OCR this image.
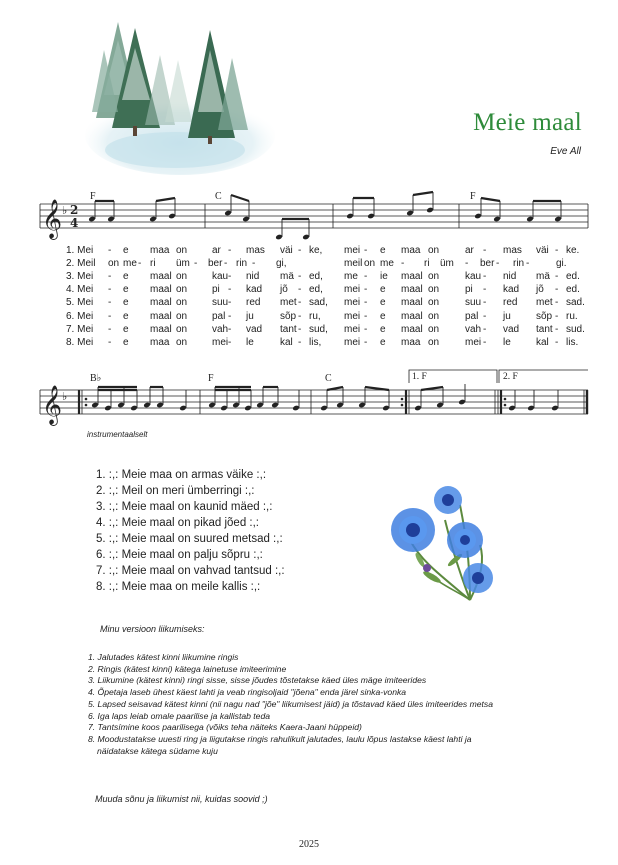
𝄞 ♭
𝄞 ♭
2
4
Meie maal
Eve All
F	C	F
B♭	F	C	1. F	2. F
1. Mei - e maa on ar - mas väi - ke, mei - e maa on	ar - mas väi - ke.
2. Meil on me - ri üm - ber - rin - gi,	meil on me - ri üm - ber - rin -	gi.
3. Mei - e maal on kau - nid mä - ed, me - ie maal on	kau - nid mä - ed.
4. Mei - e maal on pi - kad jõ - ed, mei - e maal on	pi - kad jõ - ed.
5. Mei - e maal on suu - red met - sad, mei - e maal on	suu - red met - sad.
6. Mei - e maal on pal - ju	sõp - ru, mei - e maal on	pal - ju	sõp - ru.
7. Mei - e maal on vah - vad tant - sud, mei - e maal on	vah - vad tant - sud.
8. Mei - e maa on mei - le	kal - lis, mei - e maa on	mei - le	kal - lis.
instrumentaalselt
1. :,: Meie maa on armas väike :,:
2. :,: Meil on meri ümberringi :,:
3. :,: Meie maal on kaunid mäed :,:
4. :,: Meie maal on pikad jõed :,:
5. :,: Meie maal on suured metsad :,:
6. :,: Meie maal on palju sõpru :,:
7. :,: Meie maal on vahvad tantsud :,:
8. :,: Meie maa on meile kallis :,:
Minu versioon liikumiseks:
1. Jalutades kätest kinni liikumine ringis
2. Ringis (kätest kinni) kätega lainetuse imiteerimine
3. Liikumine (kätest kinni) ringi sisse, sisse jõudes tõstetakse käed üles mäge imiteerides
4. Õpetaja laseb ühest käest lahti ja veab ringisoljaid "jõena" enda järel sinka-vonka
5. Lapsed seisavad kätest kinni (nii nagu nad "jõe" liikumisest jäid) ja tõstavad käed üles imiteerides metsa
6. Iga laps leiab omale paarilise ja kallistab teda
7. Tantsímine koos paarilisega (võiks teha näiteks Kaera-Jaani hüppeid)
8. Moodustatakse uuesti ring ja liigutakse ringis rahulikult jalutades, laulu lõpus lastakse käest lahti ja
näidatakse kätega südame kuju
Muuda sõnu ja liikumist nii, kuidas soovid ;)
2025
